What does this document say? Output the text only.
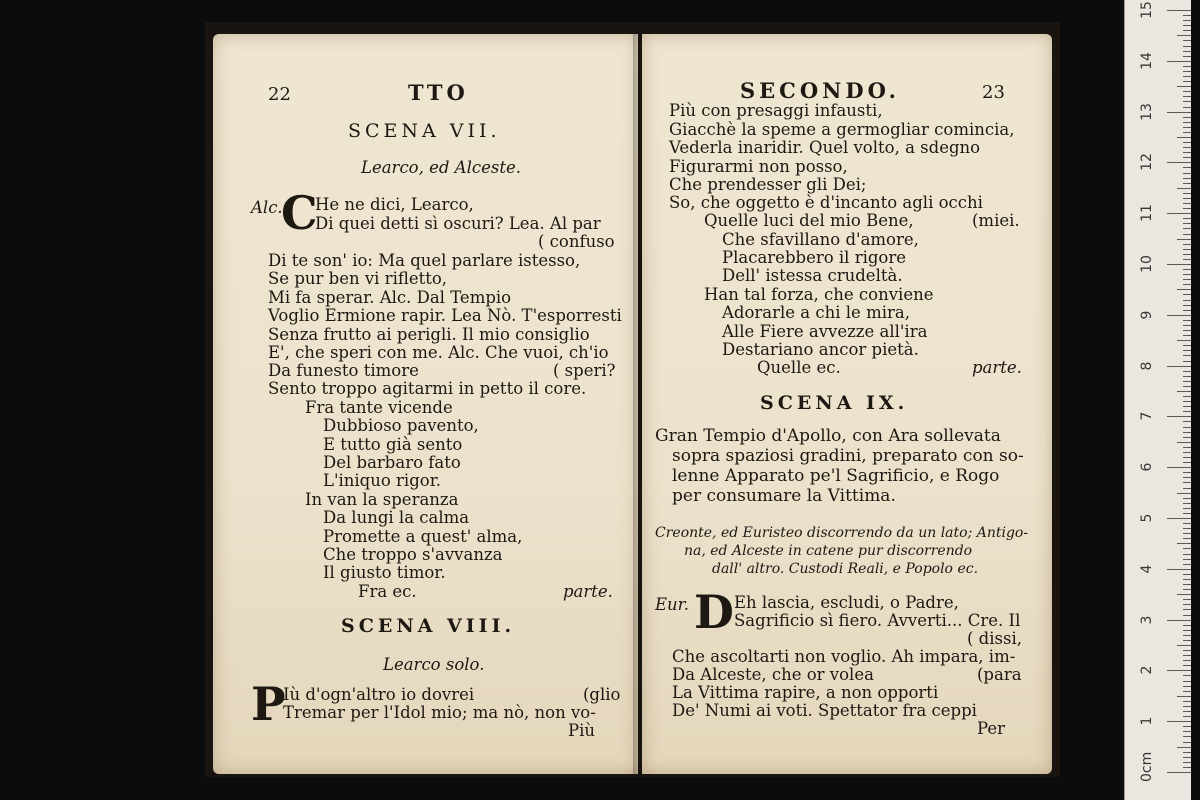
22	TTO
SCENA VII.
Learco, ed Alceste.
Alc.
C
He ne dici, Learco,
Di quei detti sì oscuri? Lea. Al par
( confuso
Di te son' io: Ma quel parlare istesso,
Se pur ben vi rifletto,
Mi fa sperar. Alc. Dal Tempio
Voglio Ermione rapir. Lea Nò. T'esporresti
Senza frutto ai perigli. Il mio consiglio
E', che speri con me. Alc. Che vuoi, ch'io
Da funesto timore	( speri?
Sento troppo agitarmi in petto il core.
Fra tante vicende
Dubbioso pavento,
E tutto già sento
Del barbaro fato
L'iniquo rigor.
In van la speranza
Da lungi la calma
Promette a quest' alma,
Che troppo s'avvanza
Il giusto timor.
Fra ec.	parte.
SCENA VIII.
Learco solo.
P
Iù d'ogn'altro io dovrei	(glio
Tremar per l'Idol mio; ma nò, non vo-
Più
SECONDO.	23
Più con presaggi infausti,
Giacchè la speme a germogliar comincia,
Vederla inaridir. Quel volto, a sdegno
Figurarmi non posso,
Che prendesser gli Dei;
So, che oggetto è d'incanto agli occhi
Quelle luci del mio Bene,	(miei.
Che sfavillano d'amore,
Placarebbero il rigore
Dell' istessa crudeltà.
Han tal forza, che conviene
Adorarle a chi le mira,
Alle Fiere avvezze all'ira
Destariano ancor pietà.
Quelle ec.	parte.
SCENA IX.
Gran Tempio d'Apollo, con Ara sollevata
sopra spaziosi gradini, preparato con so-
lenne Apparato pe'l Sagrificio, e Rogo
per consumare la Vittima.
Creonte, ed Euristeo discorrendo da un lato; Antigo-
na, ed Alceste in catene pur discorrendo
dall' altro. Custodi Reali, e Popolo ec.
Eur. D Eh lascia, escludi, o Padre,
Sagrificio sì fiero. Avverti... Cre. Il
( dissi,
Che ascoltarti non voglio. Ah impara, im-
Da Alceste, che or volea	(para
La Vittima rapire, a non opporti
De' Numi ai voti. Spettator fra ceppi
Per
0cm
1
2
3
4
5
6
7
8
9
10
11
12
13
14
15
